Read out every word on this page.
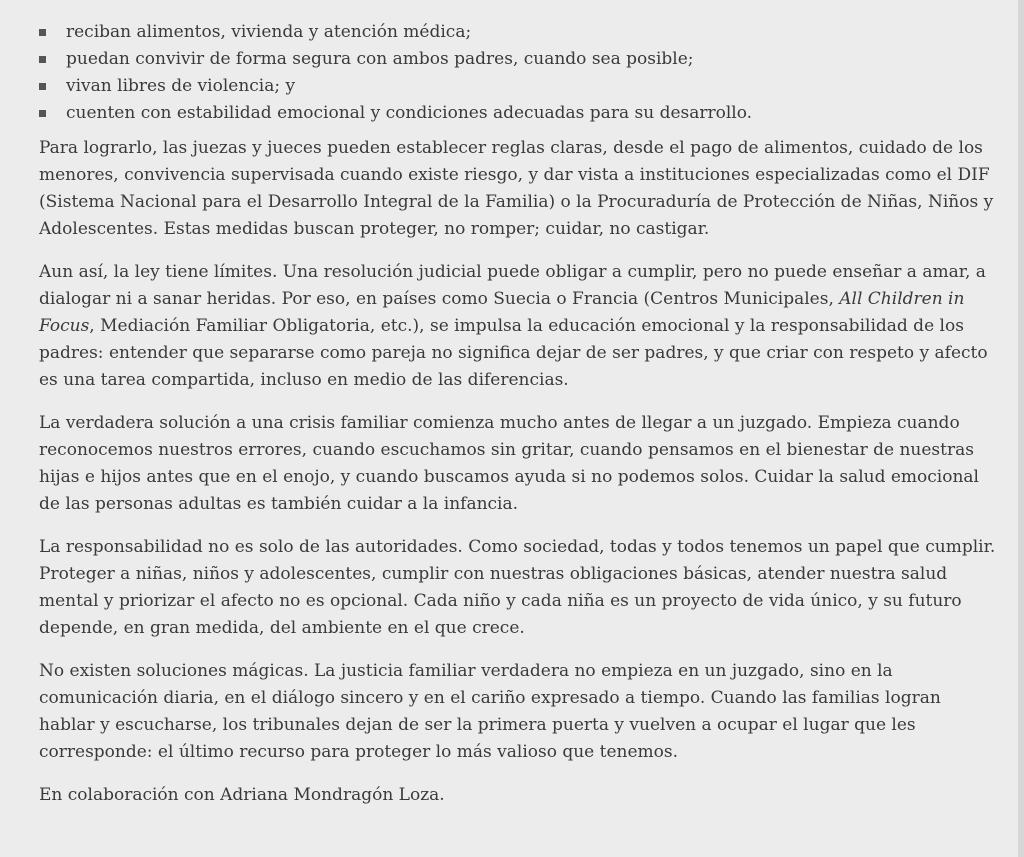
reciban alimentos, vivienda y atención médica;
puedan convivir de forma segura con ambos padres, cuando sea posible;
vivan libres de violencia; y
cuenten con estabilidad emocional y condiciones adecuadas para su desarrollo.

Para lograrlo, las juezas y jueces pueden establecer reglas claras, desde el pago de alimentos, cuidado de los menores, convivencia supervisada cuando existe riesgo, y dar vista a instituciones especializadas como el DIF (Sistema Nacional para el Desarrollo Integral de la Familia) o la Procuraduría de Protección de Niñas, Niños y Adolescentes. Estas medidas buscan proteger, no romper; cuidar, no castigar.

Aun así, la ley tiene límites. Una resolución judicial puede obligar a cumplir, pero no puede enseñar a amar, a dialogar ni a sanar heridas. Por eso, en países como Suecia o Francia (Centros Municipales, All Children in Focus, Mediación Familiar Obligatoria, etc.), se impulsa la educación emocional y la responsabilidad de los padres: entender que separarse como pareja no significa dejar de ser padres, y que criar con respeto y afecto es una tarea compartida, incluso en medio de las diferencias.

La verdadera solución a una crisis familiar comienza mucho antes de llegar a un juzgado. Empieza cuando reconocemos nuestros errores, cuando escuchamos sin gritar, cuando pensamos en el bienestar de nuestras hijas e hijos antes que en el enojo, y cuando buscamos ayuda si no podemos solos. Cuidar la salud emocional de las personas adultas es también cuidar a la infancia.

La responsabilidad no es solo de las autoridades. Como sociedad, todas y todos tenemos un papel que cumplir. Proteger a niñas, niños y adolescentes, cumplir con nuestras obligaciones básicas, atender nuestra salud mental y priorizar el afecto no es opcional. Cada niño y cada niña es un proyecto de vida único, y su futuro depende, en gran medida, del ambiente en el que crece.

No existen soluciones mágicas. La justicia familiar verdadera no empieza en un juzgado, sino en la comunicación diaria, en el diálogo sincero y en el cariño expresado a tiempo. Cuando las familias logran hablar y escucharse, los tribunales dejan de ser la primera puerta y vuelven a ocupar el lugar que les corresponde: el último recurso para proteger lo más valioso que tenemos.

En colaboración con Adriana Mondragón Loza.
